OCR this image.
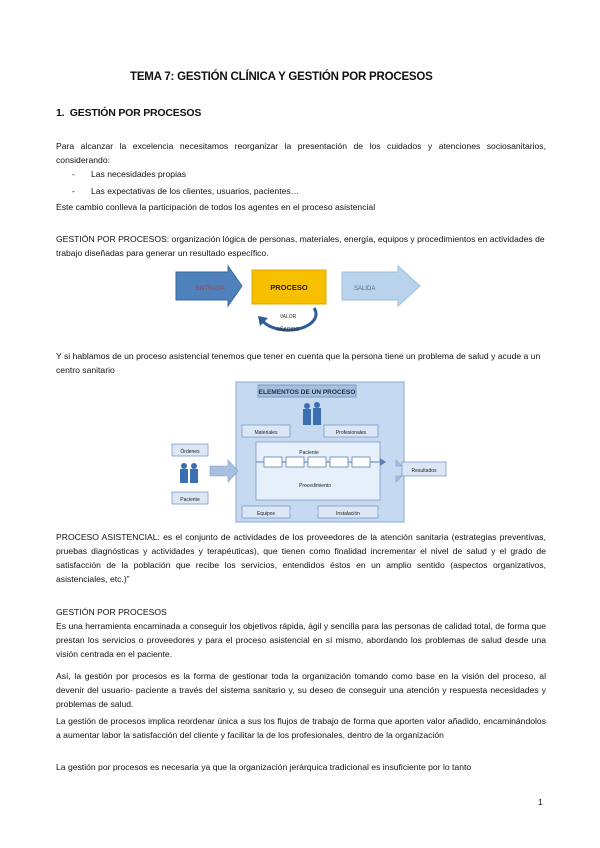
TEMA 7: GESTIÓN CLÍNICA Y GESTIÓN POR PROCESOS
1. GESTIÓN POR PROCESOS
Para alcanzar la excelencia necesitamos reorganizar la presentación de los cuidados y atenciones sociosanitarios, considerando:
- Las necesidades propias
- Las expectativas de los clientes, usuarios, pacientes…
Este cambio conlleva la participación de todos los agentes en el proceso asistencial
GESTIÓN POR PROCESOS: organización lógica de personas, materiales, energía, equipos y procedimientos en actividades de trabajo diseñadas para generar un resultado específico.
ENTRADA	PROCESO	SALIDA
VALOR
AÑADIDO
Y si hablamos de un proceso asistencial tenemos que tener en cuenta que la persona tiene un problema de salud y acude a un centro sanitario
ELEMENTOS DE UN PROCESO
Materiales	Profesionales
Paciente
Procedimiento
Equipos	Instalación
Órdenes
Paciente
Resultados
PROCESO ASISTENCIAL: es el conjunto de actividades de los proveedores de la atención sanitaria (estrategias preventivas, pruebas diagnósticas y actividades y terapéuticas), que tienen como finalidad incrementar el nivel de salud y el grado de satisfacción de la población que recibe los servicios, entendidos éstos en un amplio sentido (aspectos organizativos, asistenciales, etc.)”
GESTIÓN POR PROCESOS
Es una herramienta encaminada a conseguir los objetivos rápida, ágil y sencilla para las personas de calidad total, de forma que prestan los servicios o proveedores y para el proceso asistencial en sí mismo, abordando los problemas de salud desde una visión centrada en el paciente.
Así, la gestión por procesos es la forma de gestionar toda la organización tomando como base en la visión del proceso, al devenir del usuario- paciente a través del sistema sanitario y, su deseo de conseguir una atención y respuesta necesidades y problemas de salud.
La gestión de procesos implica reordenar única a sus los flujos de trabajo de forma que aporten valor añadido, encaminándolos a aumentar labor la satisfacción del cliente y facilitar la de los profesionales, dentro de la organización
La gestión por procesos es necesaria ya que la organización jerárquica tradicional es insuficiente por lo tanto
1
